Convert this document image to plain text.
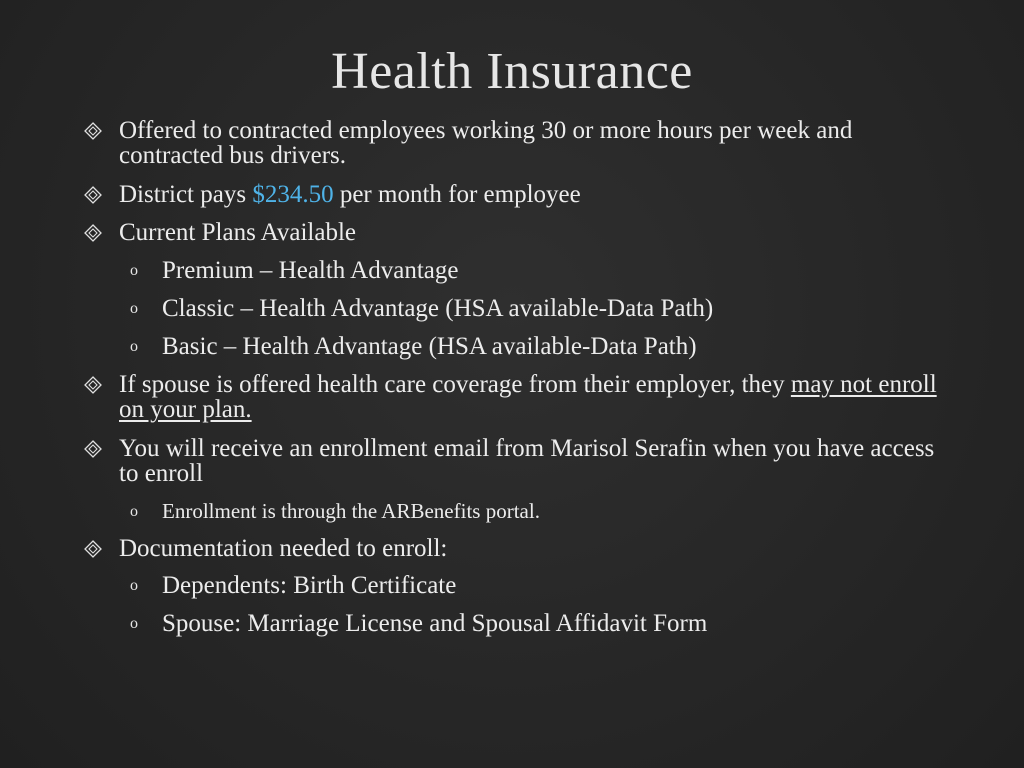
Health Insurance
Offered to contracted employees working 30 or more hours per week and contracted bus drivers.
District pays $234.50 per month for employee
Current Plans Available
o Premium – Health Advantage
o Classic – Health Advantage (HSA available-Data Path)
o Basic – Health Advantage (HSA available-Data Path)
If spouse is offered health care coverage from their employer, they may not enroll on your plan.
You will receive an enrollment email from Marisol Serafin when you have access to enroll
o Enrollment is through the ARBenefits portal.
Documentation needed to enroll:
o Dependents: Birth Certificate
o Spouse: Marriage License and Spousal Affidavit Form
